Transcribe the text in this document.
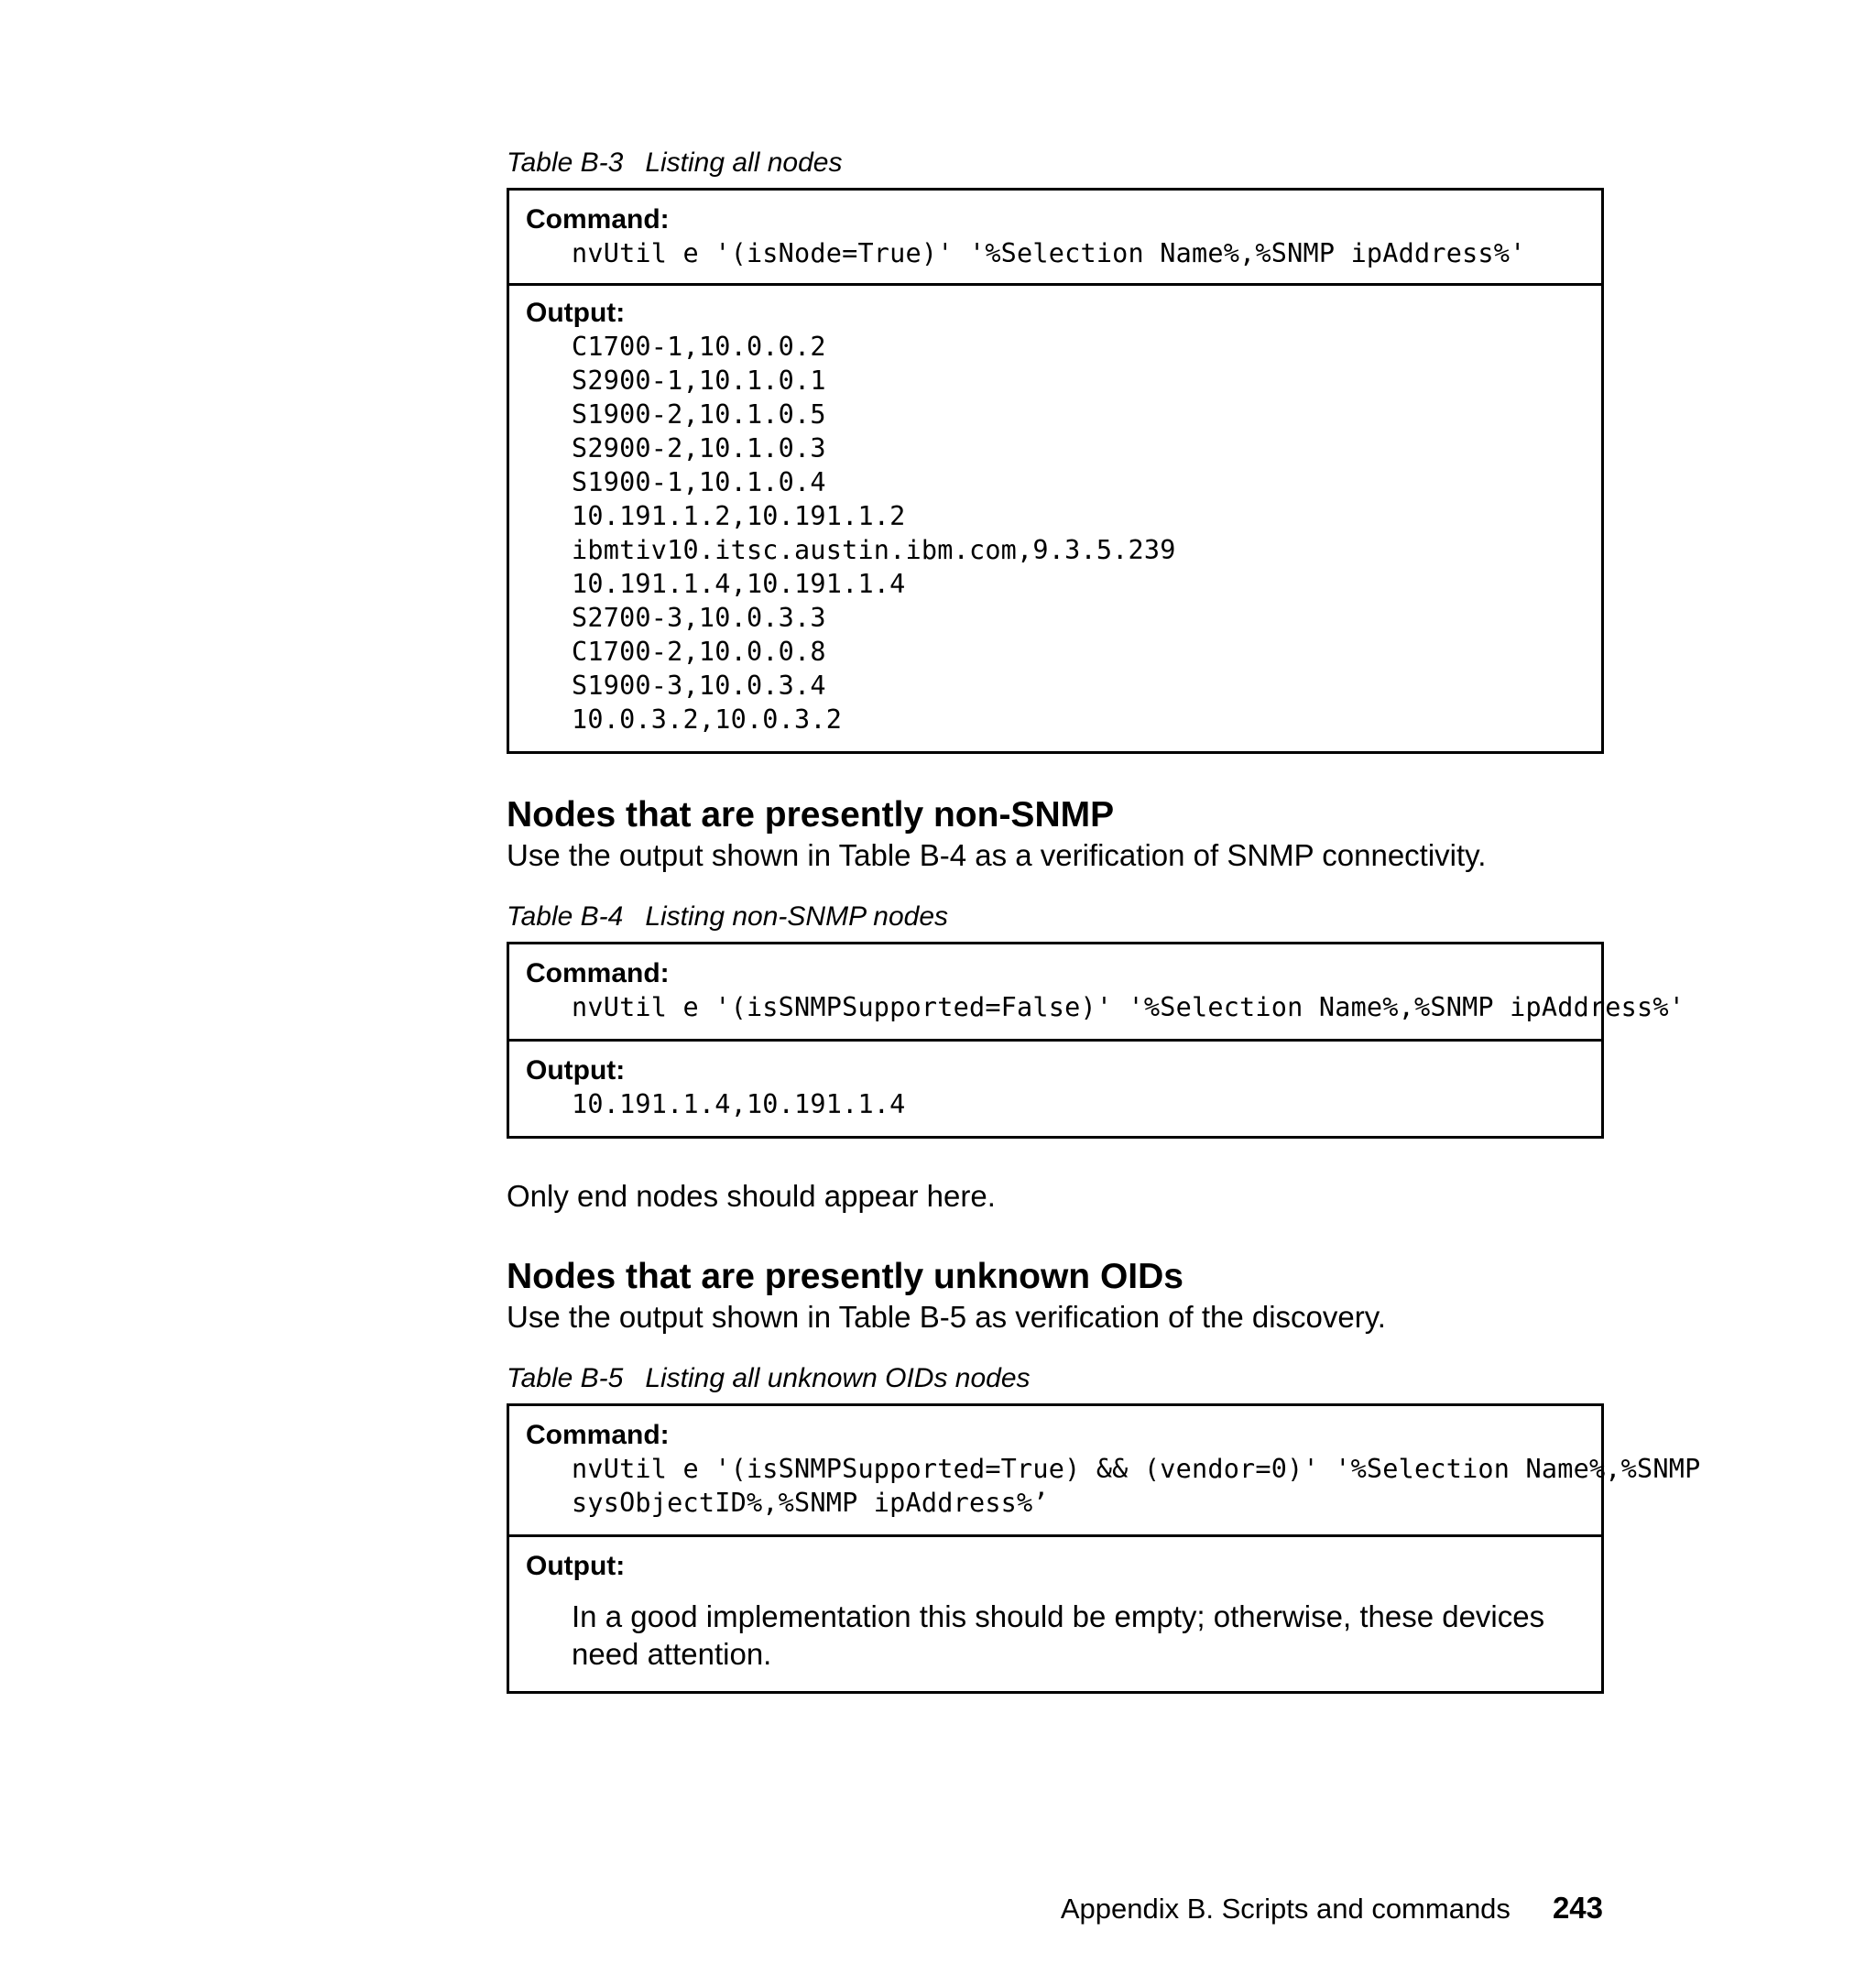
Table B-3 Listing all nodes

Command:
nvUtil e '(isNode=True)' '%Selection Name%,%SNMP ipAddress%'
Output:
C1700-1,10.0.0.2
S2900-1,10.1.0.1
S1900-2,10.1.0.5
S2900-2,10.1.0.3
S1900-1,10.1.0.4
10.191.1.2,10.191.1.2
ibmtiv10.itsc.austin.ibm.com,9.3.5.239
10.191.1.4,10.191.1.4
S2700-3,10.0.3.3
C1700-2,10.0.0.8
S1900-3,10.0.3.4
10.0.3.2,10.0.3.2
Nodes that are presently non-SNMP

Use the output shown in Table B-4 as a verification of SNMP connectivity.

Table B-4 Listing non-SNMP nodes

Command:
nvUtil e '(isSNMPSupported=False)' '%Selection Name%,%SNMP ipAddress%'
Output:
10.191.1.4,10.191.1.4

Only end nodes should appear here.

Nodes that are presently unknown OIDs

Use the output shown in Table B-5 as verification of the discovery.

Table B-5 Listing all unknown OIDs nodes

Command:
nvUtil e '(isSNMPSupported=True) && (vendor=0)' '%Selection Name%,%SNMP
sysObjectID%,%SNMP ipAddress%’
Output:
In a good implementation this should be empty; otherwise, these devices need attention.
Appendix B. Scripts and commands 243
